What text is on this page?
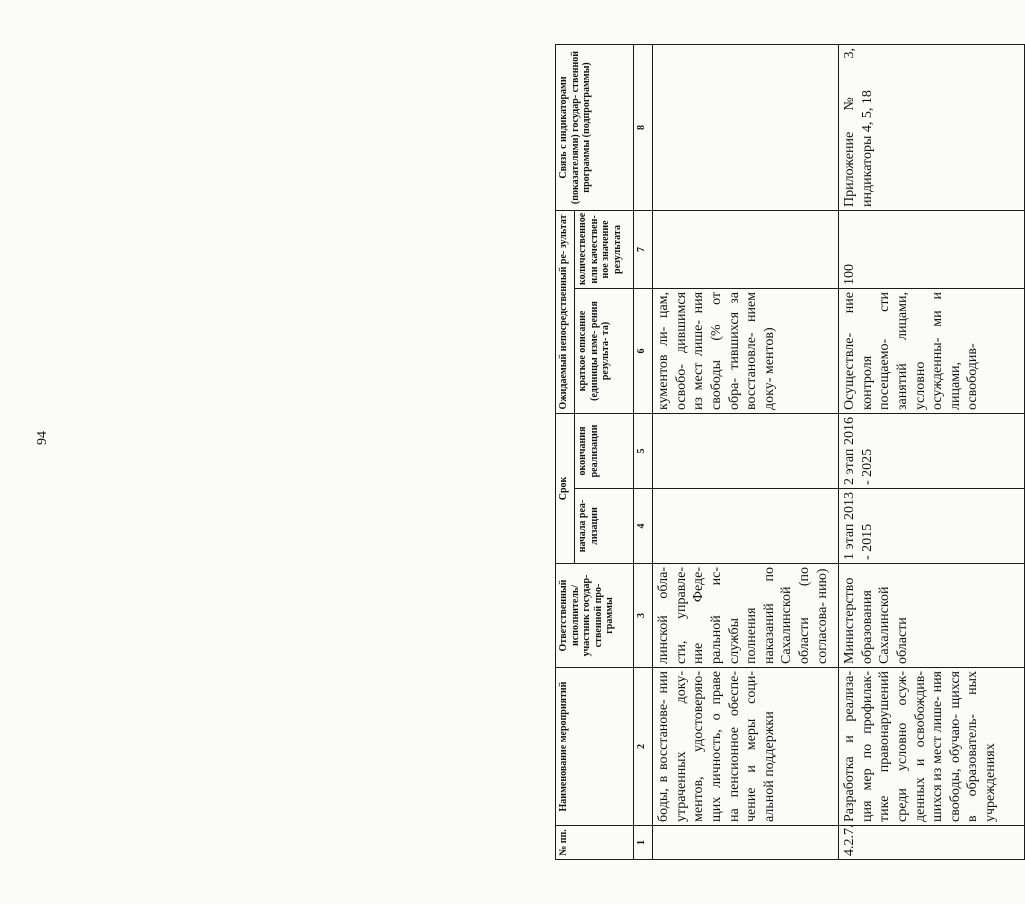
94
№ пп.	Наименование мероприятий	Ответственный исполнитель/ участник государ- ственной про- граммы	Срок		Ожидаемый непосредственный ре- зультат		Связь с индикаторами (показателями) государ- ственной программы (подпрограммы)
			начала реа- лизации	окончания реализации	краткое описание (единицы изме- рения результа- та)	количественное или качествен- ное значение результата	
1	2	3	4	5	6	7	8
	боды, в восстанове- нии утраченных доку- ментов, удостоверяю- щих личность, о праве на пенсионное обеспе- чение и меры соци- альной поддержки	линской обла- сти, управле- ние Феде- ральной ис- службы полнения наказаний по Сахалинской области (по согласова- нию)			кументов ли- цам, освобо- дившимся из мест лише- ния свободы (% от обра- тившихся за восстановле- нием доку- ментов)		
4.2.7.	Разработка и реализа- ция мер по профилак- тике правонарушений среди условно осуж- денных и освобождив- шихся из мест лише- ния свободы, обучаю- щихся в образователь- ных учреждениях	Министерство образования Сахалинской области	1 этап 2013 - 2015	2 этап 2016 - 2025	Осуществле- ние контроля посещаемо- сти занятий лицами, условно осужденны- ми и лицами, освободив-	100	Приложение № 3, индикаторы 4, 5, 18
